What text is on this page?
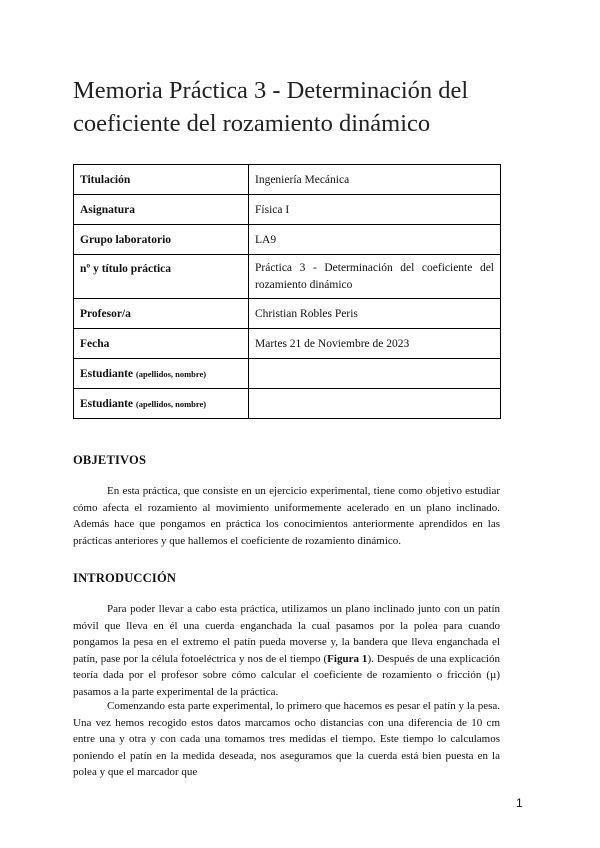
Memoria Práctica 3 - Determinación del coeficiente del rozamiento dinámico
Titulación	Ingeniería Mecánica
Asignatura	Física I
Grupo laboratorio	LA9
nº y título práctica	Práctica 3 - Determinación del coeficiente del rozamiento dinámico
Profesor/a	Christian Robles Peris
Fecha	Martes 21 de Noviembre de 2023
Estudiante (apellidos, nombre)	
Estudiante (apellidos, nombre)	
OBJETIVOS

En esta práctica, que consiste en un ejercicio experimental, tiene como objetivo estudiar cómo afecta el rozamiento al movimiento uniformemente acelerado en un plano inclinado. Además hace que pongamos en práctica los conocimientos anteriormente aprendidos en las prácticas anteriores y que hallemos el coeficiente de rozamiento dinámico.

INTRODUCCIÓN

Para poder llevar a cabo esta práctica, utilizamos un plano inclinado junto con un patín móvil que lleva en él una cuerda enganchada la cual pasamos por la polea para cuando pongamos la pesa en el extremo el patín pueda moverse y, la bandera que lleva enganchada el patín, pase por la célula fotoeléctrica y nos de el tiempo (Figura 1). Después de una explicación teoría dada por el profesor sobre cómo calcular el coeficiente de rozamiento o fricción (µ) pasamos a la parte experimental de la práctica.

Comenzando esta parte experimental, lo primero que hacemos es pesar el patín y la pesa. Una vez hemos recogido estos datos marcamos ocho distancias con una diferencia de 10 cm entre una y otra y con cada una tomamos tres medidas el tiempo. Este tiempo lo calculamos poniendo el patín en la medida deseada, nos aseguramos que la cuerda está bien puesta en la polea y que el marcador que

1
